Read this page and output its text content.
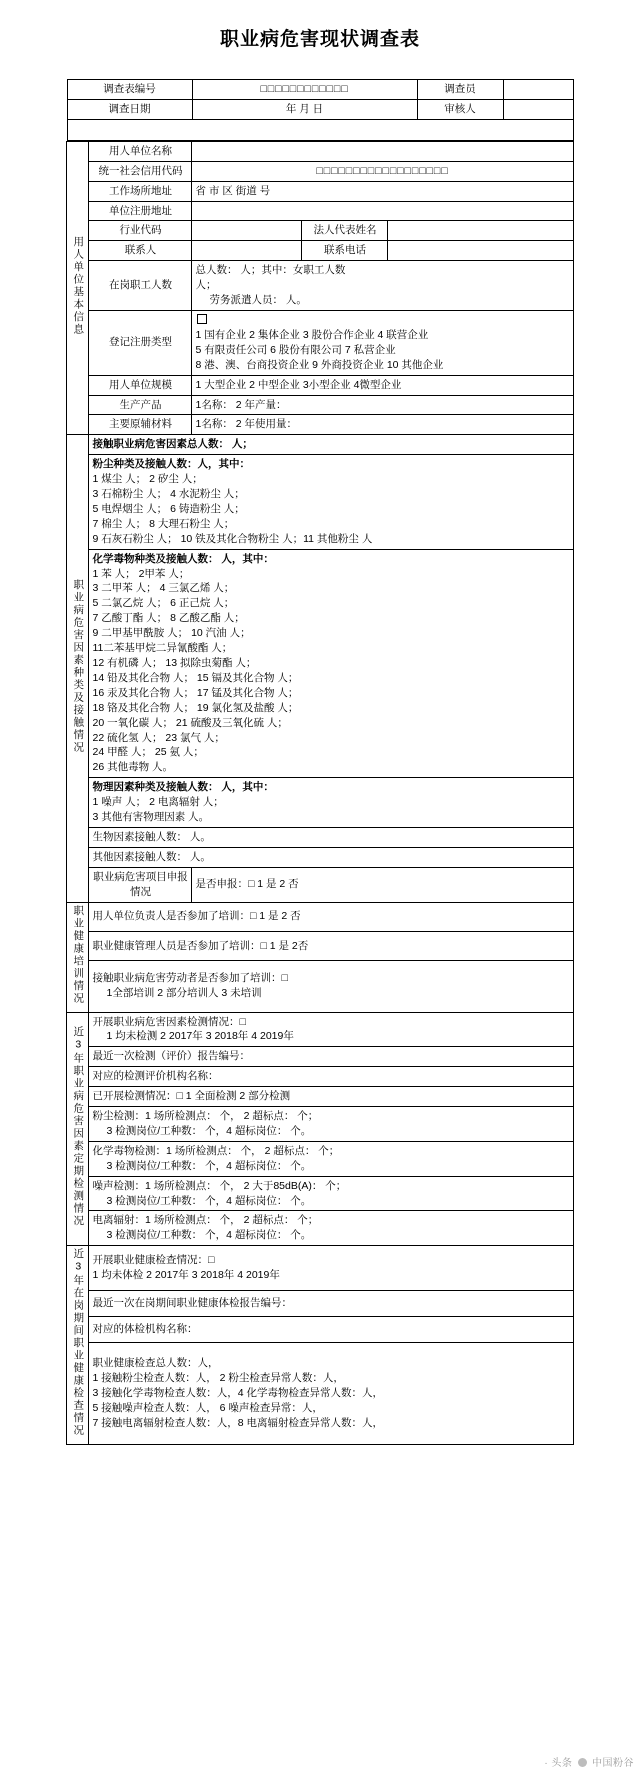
职业病危害现状调查表
调查表编号	□□□□□□□□□□□□	调查员	
调查日期	年 月 日	审核人	

用人单位基本信息	用人单位名称			
	统一社会信用代码	□□□□□□□□□□□□□□□□□□		
	工作场所地址	省 市 区 街道 号		
	单位注册地址			
	行业代码		法人代表姓名	
	联系人		联系电话	
	在岗职工人数	总人数： 人；其中：女职工人数
人；
劳务派遣人员： 人。		
	登记注册类型	1 国有企业 2 集体企业 3 股份合作企业 4 联营企业
5 有限责任公司 6 股份有限公司 7 私营企业
8 港、澳、台商投资企业 9 外商投资企业 10 其他企业		

	用人单位规模	1 大型企业 2 中型企业 3小型企业 4微型企业		
	生产产品	1名称： 2 年产量：		
	主要原辅材料	1名称： 2 年使用量：		
职业病危害因素种类及接触情况	接触职业病危害因素总人数： 人；			

粉尘种类及接触人数：人，其中：
1 煤尘 人； 2 矽尘 人；
3 石棉粉尘 人； 4 水泥粉尘 人；
5 电焊烟尘 人； 6 铸造粉尘 人；
7 棉尘 人； 8 大理石粉尘 人；
9 石灰石粉尘 人； 10 铁及其化合物粉尘 人；11 其他粉尘 人

化学毒物种类及接触人数： 人，其中：
1 苯 人； 2甲苯 人；
3 二甲苯 人； 4 三氯乙烯 人；
5 二氯乙烷 人； 6 正己烷 人；
7 乙酸丁酯 人； 8 乙酸乙酯 人；
9 二甲基甲酰胺 人； 10 汽油 人；
11二苯基甲烷二异氰酸酯 人；
12 有机磷 人； 13 拟除虫菊酯 人；
14 铅及其化合物 人； 15 镉及其化合物 人；
16 汞及其化合物 人； 17 锰及其化合物 人；
18 铬及其化合物 人； 19 氯化氢及盐酸 人；
20 一氧化碳 人； 21 硫酸及三氧化硫 人；
22 硫化氢 人； 23 氯气 人；
24 甲醛 人； 25 氨 人；
26 其他毒物 人。

	物理因素种类及接触人数： 人，其中：
1 噪声 人； 2 电离辐射 人；
3 其他有害物理因素 人。			

	生物因素接触人数： 人。			
	其他因素接触人数： 人。			
	职业病危害项目申报情况	是否申报：□ 1 是 2 否		
职业健康培训情况	用人单位负责人是否参加了培训：□ 1 是 2 否			
	职业健康管理人员是否参加了培训：□ 1 是 2否			

	接触职业病危害劳动者是否参加了培训：□
1全部培训 2 部分培训人 3 未培训			
近3年职业病危害因素定期检测情况	开展职业病危害因素检测情况：□
1 均未检测 2 2017年 3 2018年 4 2019年			
	最近一次检测（评价）报告编号：			
	对应的检测评价机构名称：			
	已开展检测情况：□ 1 全面检测 2 部分检测			

	粉尘检测：1 场所检测点： 个， 2 超标点： 个；
3 检测岗位/工种数： 个，4 超标岗位： 个。			

	化学毒物检测：1 场所检测点： 个， 2 超标点： 个；
3 检测岗位/工种数： 个，4 超标岗位： 个。			

	噪声检测：1 场所检测点： 个， 2 大于85dB(A)： 个；
3 检测岗位/工种数： 个，4 超标岗位： 个。			

	电离辐射：1 场所检测点： 个， 2 超标点： 个；
3 检测岗位/工种数： 个，4 超标岗位： 个。			
近3年在岗期间职业健康检查情况	开展职业健康检查情况：□
1 均未体检 2 2017年 3 2018年 4 2019年			

	最近一次在岗期间职业健康体检报告编号：			
	对应的体检机构名称：			

	职业健康检查总人数：人，
1 接触粉尘检查人数：人， 2 粉尘检查异常人数：人，
3 接触化学毒物检查人数：人，4 化学毒物检查异常人数：人，
5 接触噪声检查人数：人， 6 噪声检查异常：人，
7 接触电离辐射检查人数：人，8 电离辐射检查异常人数：人，			
· 头条 中国粉谷
